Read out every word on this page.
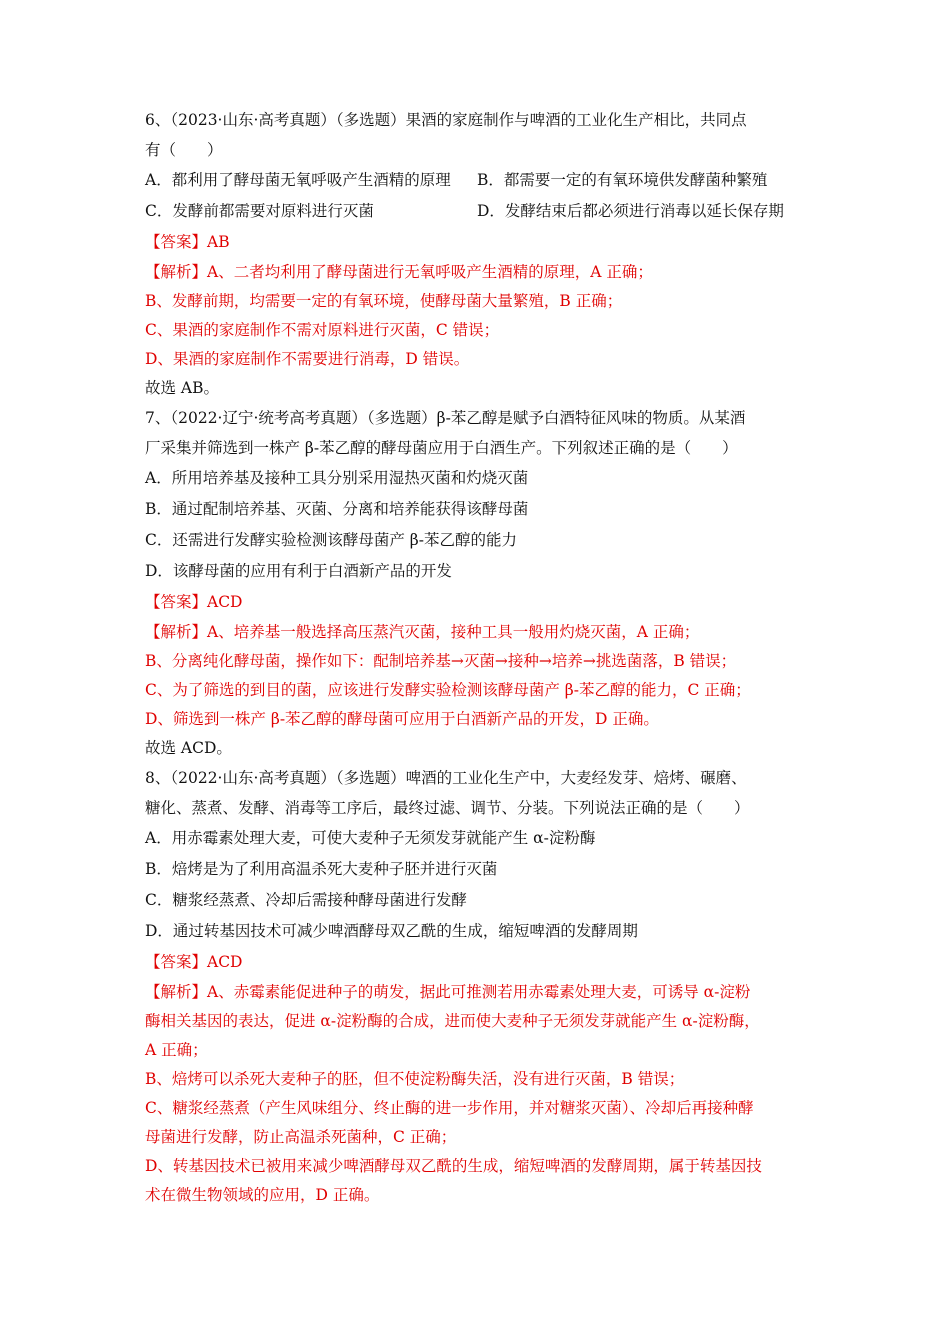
6、（2023·山东·高考真题）（多选题）果酒的家庭制作与啤酒的工业化生产相比，共同点

有（　　）

A．都利用了酵母菌无氧呼吸产生酒精的原理	B．都需要一定的有氧环境供发酵菌种繁殖
C．发酵前都需要对原料进行灭菌	D．发酵结束后都必须进行消毒以延长保存期

【答案】AB

【解析】A、二者均利用了酵母菌进行无氧呼吸产生酒精的原理，A 正确；

B、发酵前期，均需要一定的有氧环境，使酵母菌大量繁殖，B 正确；

C、果酒的家庭制作不需对原料进行灭菌，C 错误；

D、果酒的家庭制作不需要进行消毒，D 错误。

故选 AB。

7、（2022·辽宁·统考高考真题）（多选题）β-苯乙醇是赋予白酒特征风味的物质。从某酒

厂采集并筛选到一株产 β-苯乙醇的酵母菌应用于白酒生产。下列叙述正确的是（　　）

A．所用培养基及接种工具分别采用湿热灭菌和灼烧灭菌

B．通过配制培养基、灭菌、分离和培养能获得该酵母菌

C．还需进行发酵实验检测该酵母菌产 β-苯乙醇的能力

D．该酵母菌的应用有利于白酒新产品的开发

【答案】ACD

【解析】A、培养基一般选择高压蒸汽灭菌，接种工具一般用灼烧灭菌，A 正确；

B、分离纯化酵母菌，操作如下：配制培养基→灭菌→接种→培养→挑选菌落，B 错误；

C、为了筛选的到目的菌，应该进行发酵实验检测该酵母菌产 β-苯乙醇的能力，C 正确；

D、筛选到一株产 β-苯乙醇的酵母菌可应用于白酒新产品的开发，D 正确。

故选 ACD。

8、（2022·山东·高考真题）（多选题）啤酒的工业化生产中，大麦经发芽、焙烤、碾磨、

糖化、蒸煮、发酵、消毒等工序后，最终过滤、调节、分装。下列说法正确的是（　　）

A．用赤霉素处理大麦，可使大麦种子无须发芽就能产生 α-淀粉酶

B．焙烤是为了利用高温杀死大麦种子胚并进行灭菌

C．糖浆经蒸煮、冷却后需接种酵母菌进行发酵

D．通过转基因技术可减少啤酒酵母双乙酰的生成，缩短啤酒的发酵周期

【答案】ACD

【解析】A、赤霉素能促进种子的萌发，据此可推测若用赤霉素处理大麦，可诱导 α-淀粉

酶相关基因的表达，促进 α-淀粉酶的合成，进而使大麦种子无须发芽就能产生 α-淀粉酶，

A 正确；

B、焙烤可以杀死大麦种子的胚，但不使淀粉酶失活，没有进行灭菌，B 错误；

C、糖浆经蒸煮（产生风味组分、终止酶的进一步作用，并对糖浆灭菌）、冷却后再接种酵

母菌进行发酵，防止高温杀死菌种，C 正确；

D、转基因技术已被用来减少啤酒酵母双乙酰的生成，缩短啤酒的发酵周期，属于转基因技

术在微生物领域的应用，D 正确。
